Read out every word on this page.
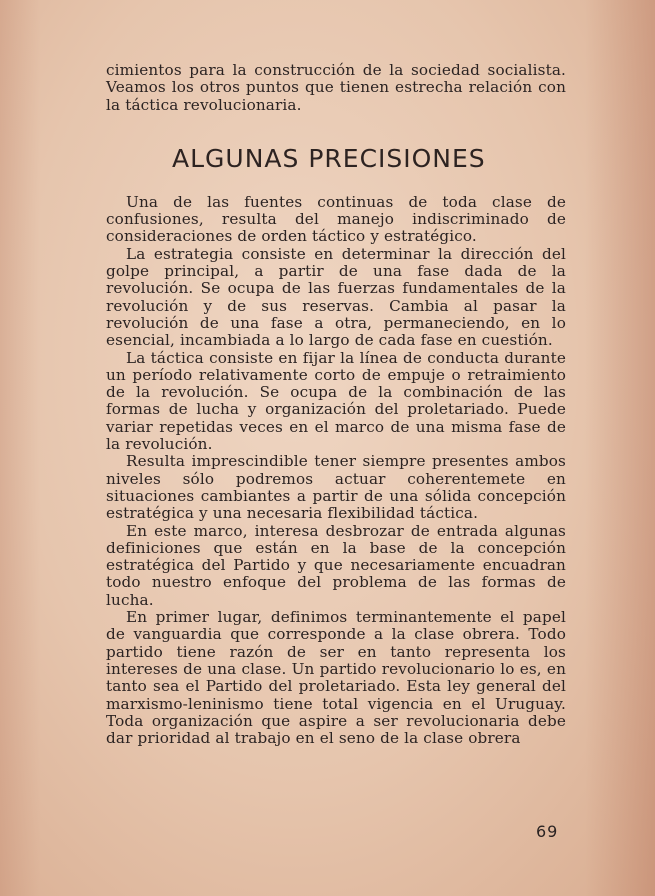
cimientos para la construcción de la sociedad socialista. Veamos los otros puntos que tienen estrecha relación con la táctica revolucionaria.

ALGUNAS PRECISIONES

Una de las fuentes continuas de toda clase de confusiones, resulta del manejo indiscriminado de consideraciones de orden táctico y estratégico.

La estrategia consiste en determinar la dirección del golpe principal, a partir de una fase dada de la revolución. Se ocupa de las fuerzas fundamentales de la revolución y de sus reservas. Cambia al pasar la revolución de una fase a otra, permaneciendo, en lo esencial, incambiada a lo largo de cada fase en cuestión.

La táctica consiste en fijar la línea de conducta durante un período relativamente corto de empuje o retraimiento de la revolución. Se ocupa de la combinación de las formas de lucha y organización del proletariado. Puede variar repetidas veces en el marco de una misma fase de la revolución.

Resulta imprescindible tener siempre presentes ambos niveles sólo podremos actuar coherentemete en situaciones cambiantes a partir de una sólida concepción estratégica y una necesaria flexibilidad táctica.

En este marco, interesa desbrozar de entrada algunas definiciones que están en la base de la concepción estratégica del Partido y que necesariamente encuadran todo nuestro enfoque del problema de las formas de lucha.

En primer lugar, definimos terminantemente el papel de vanguardia que corresponde a la clase obrera. Todo partido tiene razón de ser en tanto representa los intereses de una clase. Un partido revolucionario lo es, en tanto sea el Partido del proletariado. Esta ley general del marxismo-leninismo tiene total vigencia en el Uruguay. Toda organización que aspire a ser revolucionaria debe dar prioridad al trabajo en el seno de la clase obrera

69
